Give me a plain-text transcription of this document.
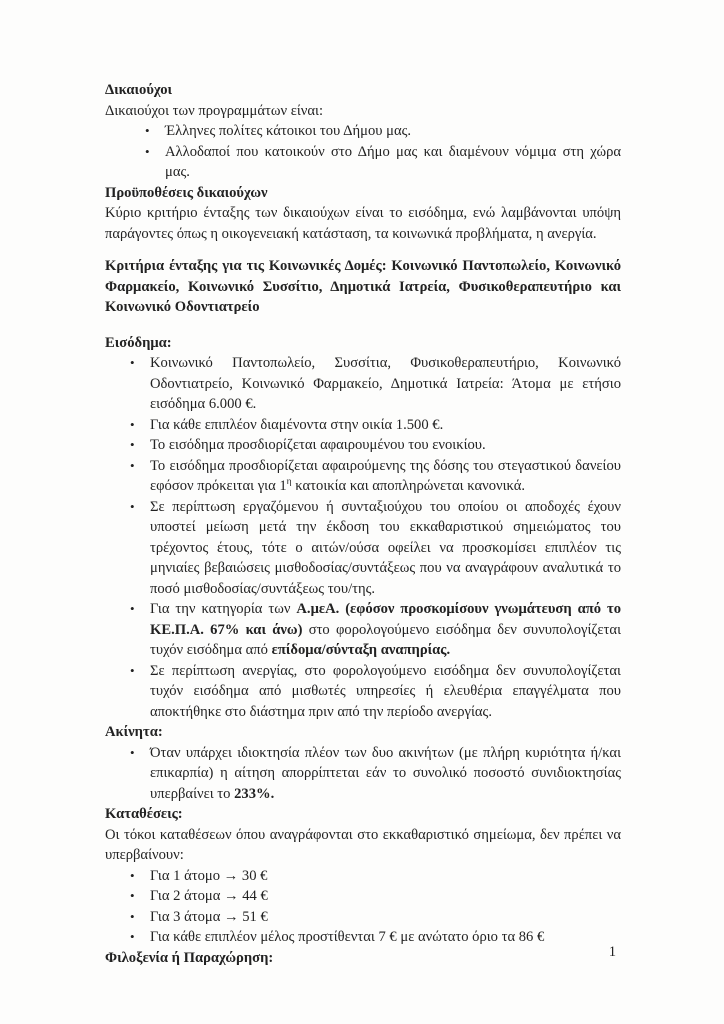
Δικαιούχοι

Δικαιούχοι των προγραμμάτων είναι:

•	Έλληνες πολίτες κάτοικοι του Δήμου μας.
•	Αλλοδαποί που κατοικούν στο Δήμο μας και διαμένουν νόμιμα στη χώρα μας.
Προϋποθέσεις δικαιούχων

Κύριο κριτήριο ένταξης των δικαιούχων είναι το εισόδημα, ενώ λαμβάνονται υπόψη παράγοντες όπως η οικογενειακή κατάσταση, τα κοινωνικά προβλήματα, η ανεργία.

Κριτήρια ένταξης για τις Κοινωνικές Δομές: Κοινωνικό Παντοπωλείο, Κοινωνικό Φαρμακείο, Κοινωνικό Συσσίτιο, Δημοτικά Ιατρεία, Φυσικοθεραπευτήριο και Κοινωνικό Οδοντιατρείο
Εισόδημα:
•	Κοινωνικό Παντοπωλείο, Συσσίτια, Φυσικοθεραπευτήριο, Κοινωνικό Οδοντιατρείο, Κοινωνικό Φαρμακείο, Δημοτικά Ιατρεία: Άτομα με ετήσιο εισόδημα 6.000 €.
•	Για κάθε επιπλέον διαμένοντα στην οικία 1.500 €.
•	Το εισόδημα προσδιορίζεται αφαιρουμένου του ενοικίου.
•	Το εισόδημα προσδιορίζεται αφαιρούμενης της δόσης του στεγαστικού δανείου εφόσον πρόκειται για $1^\eta$ κατοικία και αποπληρώνεται κανονικά.
•	Σε περίπτωση εργαζόμενου ή συνταξιούχου του οποίου οι αποδοχές έχουν υποστεί μείωση μετά την έκδοση του εκκαθαριστικού σημειώματος του τρέχοντος έτους, τότε ο αιτών/ούσα οφείλει να προσκομίσει επιπλέον τις μηνιαίες βεβαιώσεις μισθοδοσίας/συντάξεως που να αναγράφουν αναλυτικά το ποσό μισθοδοσίας/συντάξεως του/της.
•	Για την κατηγορία των Α.μεΑ. (εφόσον προσκομίσουν γνωμάτευση από το ΚΕ.Π.Α. 67% και άνω) στο φορολογούμενο εισόδημα δεν συνυπολογίζεται τυχόν εισόδημα από επίδομα/σύνταξη αναπηρίας.
•	Σε περίπτωση ανεργίας, στο φορολογούμενο εισόδημα δεν συνυπολογίζεται τυχόν εισόδημα από μισθωτές υπηρεσίες ή ελευθέρια επαγγέλματα που αποκτήθηκε στο διάστημα πριν από την περίοδο ανεργίας.
Ακίνητα:
•	Όταν υπάρχει ιδιοκτησία πλέον των δυο ακινήτων (με πλήρη κυριότητα ή/και επικαρπία) η αίτηση απορρίπτεται εάν το συνολικό ποσοστό συνιδιοκτησίας υπερβαίνει το 233%.
Καταθέσεις:

Οι τόκοι καταθέσεων όπου αναγράφονται στο εκκαθαριστικό σημείωμα, δεν πρέπει να υπερβαίνουν:

•	Για 1 άτομο → 30 €
•	Για 2 άτομα → 44 €
•	Για 3 άτομα → 51 €
•	Για κάθε επιπλέον μέλος προστίθενται 7 € με ανώτατο όριο τα 86 €
Φιλοξενία ή Παραχώρηση:	1
